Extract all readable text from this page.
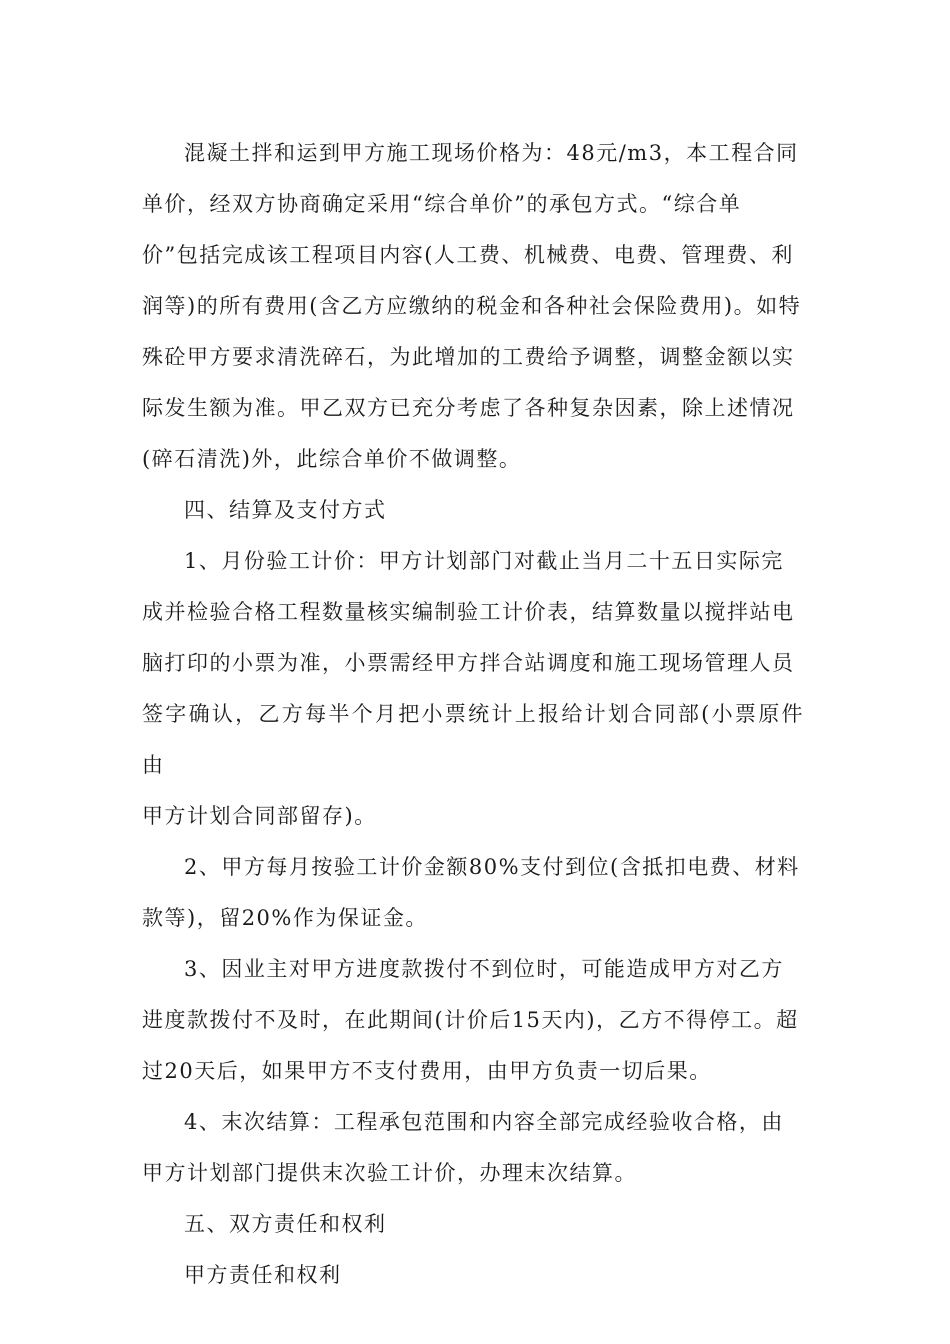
混凝土拌和运到甲方施工现场价格为：48元/m3，本工程合同
单价，经双方协商确定采用“综合单价”的承包方式。“综合单
价”包括完成该工程项目内容(人工费、机械费、电费、管理费、利
润等)的所有费用(含乙方应缴纳的税金和各种社会保险费用)。如特
殊砼甲方要求清洗碎石，为此增加的工费给予调整，调整金额以实
际发生额为准。甲乙双方已充分考虑了各种复杂因素，除上述情况
(碎石清洗)外，此综合单价不做调整。

四、结算及支付方式

1、月份验工计价：甲方计划部门对截止当月二十五日实际完
成并检验合格工程数量核实编制验工计价表，结算数量以搅拌站电
脑打印的小票为准，小票需经甲方拌合站调度和施工现场管理人员
签字确认，乙方每半个月把小票统计上报给计划合同部(小票原件由
甲方计划合同部留存)。

2、甲方每月按验工计价金额80%支付到位(含抵扣电费、材料
款等)，留20%作为保证金。

3、因业主对甲方进度款拨付不到位时，可能造成甲方对乙方
进度款拨付不及时，在此期间(计价后15天内)，乙方不得停工。超
过20天后，如果甲方不支付费用，由甲方负责一切后果。

4、末次结算：工程承包范围和内容全部完成经验收合格，由
甲方计划部门提供末次验工计价，办理末次结算。

五、双方责任和权利

甲方责任和权利
